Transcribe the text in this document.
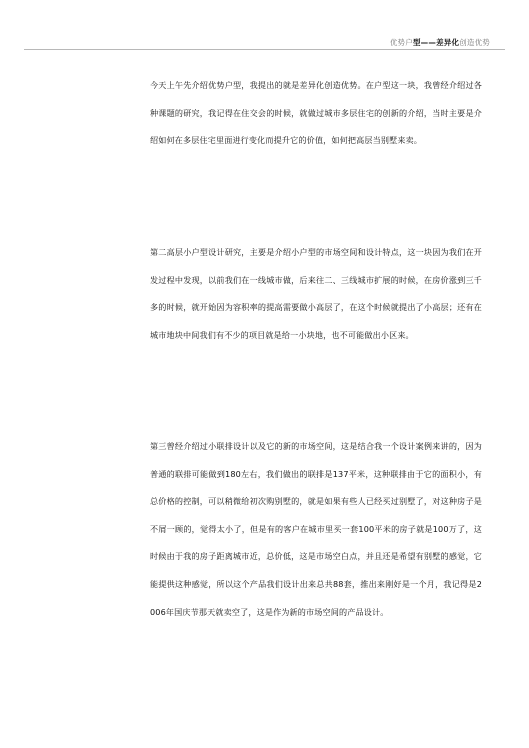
优势户型——差异化创造优势

今天上午先介绍优势户型，我提出的就是差异化创造优势。在户型这一块，我曾经介绍过各种课题的研究，我记得在住交会的时候，就做过城市多层住宅的创新的介绍，当时主要是介绍如何在多层住宅里面进行变化而提升它的价值，如何把高层当别墅来卖。

第二高层小户型设计研究，主要是介绍小户型的市场空间和设计特点，这一块因为我们在开发过程中发现，以前我们在一线城市做，后来往二、三线城市扩展的时候，在房价涨到三千多的时候，就开始因为容积率的提高需要做小高层了，在这个时候就提出了小高层；还有在城市地块中间我们有不少的项目就是给一小块地，也不可能做出小区来。

第三曾经介绍过小联排设计以及它的新的市场空间，这是结合我一个设计案例来讲的，因为普通的联排可能做到180左右，我们做出的联排是137平米，这种联排由于它的面积小，有总价格的控制，可以稍微给初次购别墅的，就是如果有些人已经买过别墅了，对这种房子是不屑一顾的，觉得太小了，但是有的客户在城市里买一套100平米的房子就是100万了，这时候由于我的房子距离城市近，总价低，这是市场空白点，并且还是希望有别墅的感觉，它能提供这种感觉，所以这个产品我们设计出来总共88套，推出来刚好是一个月，我记得是2006年国庆节那天就卖空了，这是作为新的市场空间的产品设计。
